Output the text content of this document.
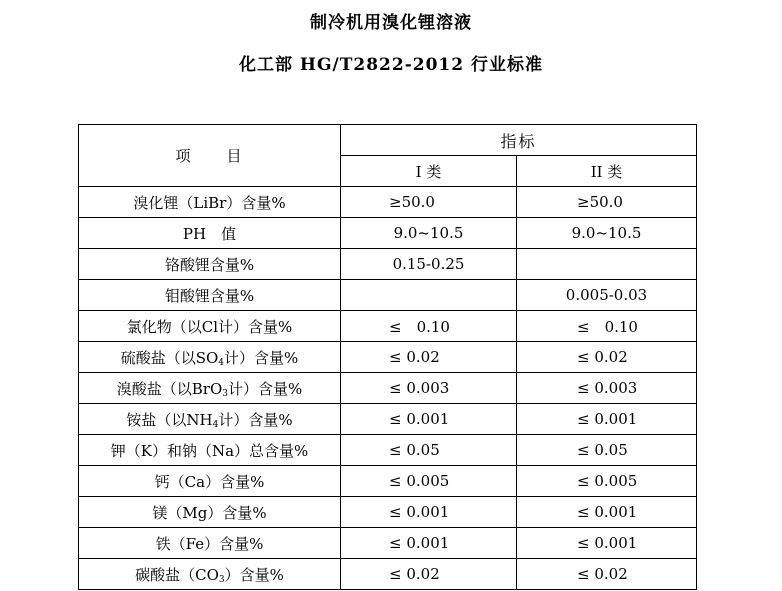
制冷机用溴化锂溶液
化工部 HG/T2822-2012 行业标准
项　　目	指标	
	I 类	II 类
溴化锂（LiBr）含量%	≥50.0	≥50.0
PH　值	9.0~10.5	9.0~10.5
铬酸锂含量%	0.15-0.25	
钼酸锂含量%		0.005-0.03
氯化物（以Cl计）含量%	≤　0.10	≤　0.10
硫酸盐（以$SO_4$计）含量%	≤ 0.02	≤ 0.02
溴酸盐（以BrO$_3$计）含量%	≤ 0.003	≤ 0.003
铵盐（以$NH_4$计）含量%	≤ 0.001	≤ 0.001
钾（K）和钠（Na）总含量%	≤ 0.05	≤ 0.05
钙（Ca）含量%	≤ 0.005	≤ 0.005
镁（Mg）含量%	≤ 0.001	≤ 0.001
铁（Fe）含量%	≤ 0.001	≤ 0.001
碳酸盐$(CO_3)$含量%	≤ 0.02	≤ 0.02
